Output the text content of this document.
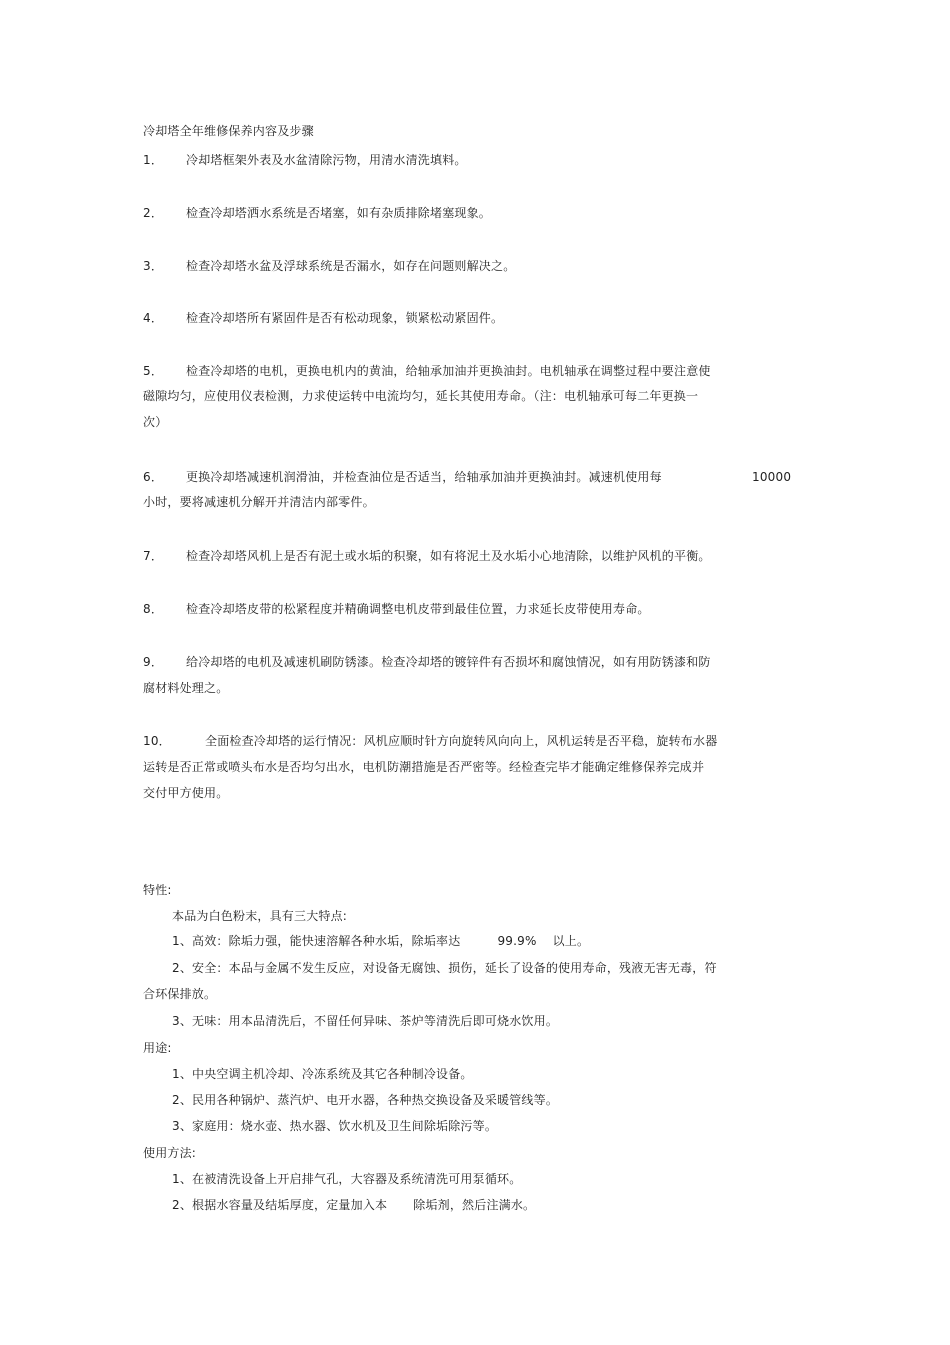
冷却塔全年维修保养内容及步骤
1． 冷却塔框架外表及水盆清除污物，用清水清洗填料。
2． 检查冷却塔洒水系统是否堵塞，如有杂质排除堵塞现象。
3． 检查冷却塔水盆及浮球系统是否漏水，如存在问题则解决之。
4． 检查冷却塔所有紧固件是否有松动现象，锁紧松动紧固件。
5． 检查冷却塔的电机，更换电机内的黄油，给轴承加油并更换油封。电机轴承在调整过程中要注意使
磁隙均匀，应使用仪表检测，力求使运转中电流均匀，延长其使用寿命。（注：电机轴承可每二年更换一
次）
6． 更换冷却塔减速机润滑油，并检查油位是否适当，给轴承加油并更换油封。减速机使用每	10000
小时，要将减速机分解开并清洁内部零件。
7． 检查冷却塔风机上是否有泥土或水垢的积聚，如有将泥土及水垢小心地清除，以维护风机的平衡。
8． 检查冷却塔皮带的松紧程度并精确调整电机皮带到最佳位置，力求延长皮带使用寿命。
9． 给冷却塔的电机及减速机刷防锈漆。检查冷却塔的镀锌件有否损坏和腐蚀情况，如有用防锈漆和防
腐材料处理之。
10．	全面检查冷却塔的运行情况：风机应顺时针方向旋转风向向上，风机运转是否平稳，旋转布水器
运转是否正常或喷头布水是否均匀出水，电机防潮措施是否严密等。经检查完毕才能确定维修保养完成并
交付甲方使用。
特性:
本品为白色粉末，具有三大特点:
1、高效：除垢力强，能快速溶解各种水垢，除垢率达	99.9% 以上。
2、安全：本品与金属不发生反应，对设备无腐蚀、损伤，延长了设备的使用寿命，残液无害无毒，符
合环保排放。
3、无味：用本品清洗后，不留任何异味、茶炉等清洗后即可烧水饮用。
用途:
1、中央空调主机冷却、冷冻系统及其它各种制冷设备。
2、民用各种锅炉、蒸汽炉、电开水器，各种热交换设备及采暖管线等。
3、家庭用：烧水壶、热水器、饮水机及卫生间除垢除污等。
使用方法:
1、在被清洗设备上开启排气孔，大容器及系统清洗可用泵循环。
2、根据水容量及结垢厚度，定量加入本 除垢剂，然后注满水。
